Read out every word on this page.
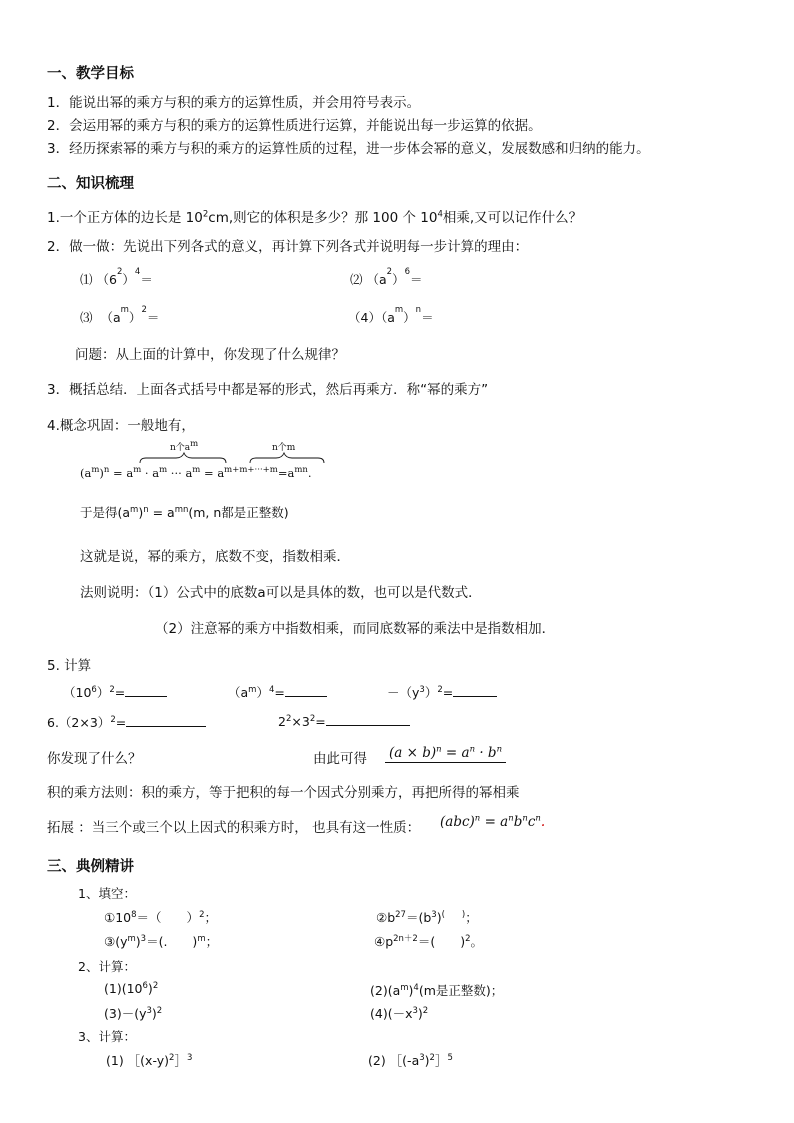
一、教学目标
1．能说出幂的乘方与积的乘方的运算性质，并会用符号表示。
2．会运用幂的乘方与积的乘方的运算性质进行运算，并能说出每一步运算的依据。
3．经历探索幂的乘方与积的乘方的运算性质的过程，进一步体会幂的意义，发展数感和归纳的能力。
二、知识梳理
1.一个正方体的边长是 $10^2cm$,则它的体积是多少？那 100 个 $10^4$相乘,又可以记作什么？
2．做一做：先说出下列各式的意义，再计算下列各式并说明每一步计算的理由：
⑴ $(6^2)^4=$	⑵ $(a^2)^6=$
⑶ $(a^m)^2=$	$(4)(a^m)^n=$
问题：从上面的计算中，你发现了什么规律？
3．概括总结．上面各式括号中都是幂的形式，然后再乘方．称“幂的乘方”
4.概念巩固：一般地有，
n个$a^m$	n个m
$(a^m)^n = a^m \cdot a^m$ ··· $a^m = a^{m+m+\cdot\cdot\cdot+m}=a^{mn}$.
于是得$(a^m)^n = a^{mn}(m$, n都是正整数)
这就是说，幂的乘方，底数不变，指数相乘．
法则说明：（1）公式中的底数a可以是具体的数，也可以是代数式．
（2）注意幂的乘方中指数相乘，而同底数幂的乘法中是指数相加．
5. 计算
$(10^6)^2=$	$(a^m)^4=$	$-(y^3)^2=$
$6.(2\times 3)^2=$	$2^2\times 3^2=$
你发现了什么？	由此可得 $(a \times b)^n = a^n \cdot b^n$
积的乘方法则：积的乘方，等于把积的每一个因式分别乘方，再把所得的幂相乘
拓展 ：当三个或三个以上因式的积乘方时， 也具有这一性质： $(abc)^n = a^nb^nc^n$.
三、典例精讲
1、填空：
$①10^8=$（　　）$^2$；	$②b^{27}=(b^3)^{( )}$；
$③(y^m)^3=$(.　　)$^m$；	$④p^{2n+2}=$(　　)$^2$。
2、计算：
$(1)(10^6)^2$	$(2)(a^m)^4(m$是正整数)；
$(3)-(y^3)^2$	$(4)(-x^3)^2$
3、计算：
(1) $[(x-y)^2]^3$	(2) $[(-a^3)^2]^5$
